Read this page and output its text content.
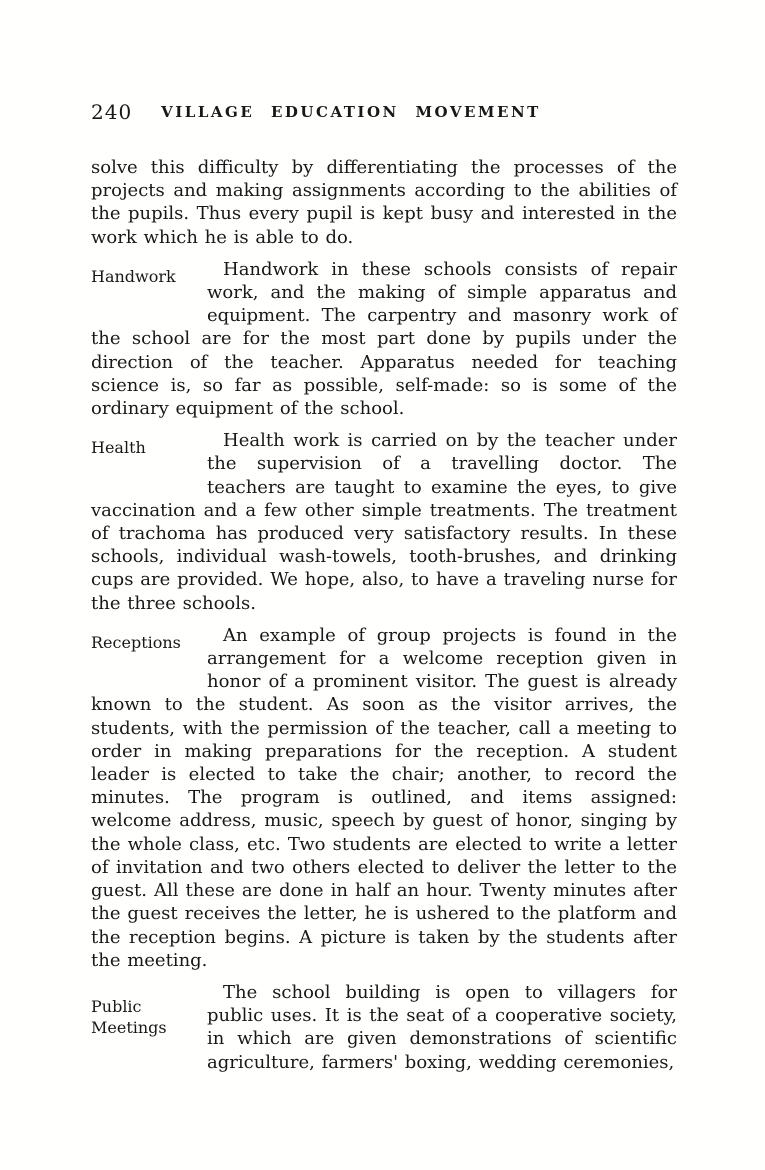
240	VILLAGE EDUCATION MOVEMENT

solve this difficulty by differentiating the processes of the projects and making assignments according to the abilities of the pupils. Thus every pupil is kept busy and interested in the work which he is able to do.

Handwork	Handwork in these schools consists of repair work, and the making of simple apparatus and equipment. The carpentry and masonry work of the school are for the most part done by pupils under the direction of the teacher. Apparatus needed for teaching science is, so far as possible, self-made: so is some of the ordinary equipment of the school.

Health	Health work is carried on by the teacher under the supervision of a travelling doctor. The teachers are taught to examine the eyes, to give vaccination and a few other simple treatments. The treatment of trachoma has produced very satisfactory results. In these schools, individual wash-towels, tooth-brushes, and drinking cups are provided. We hope, also, to have a traveling nurse for the three schools.

Receptions	An example of group projects is found in the arrangement for a welcome reception given in honor of a prominent visitor. The guest is already known to the student. As soon as the visitor arrives, the students, with the permission of the teacher, call a meeting to order in making preparations for the reception. A student leader is elected to take the chair; another, to record the minutes. The program is outlined, and items assigned: welcome address, music, speech by guest of honor, singing by the whole class, etc. Two students are elected to write a letter of invitation and two others elected to deliver the letter to the guest. All these are done in half an hour. Twenty minutes after the guest receives the letter, he is ushered to the platform and the reception begins. A picture is taken by the students after the meeting.

Public Meetings

The school building is open to villagers for public uses. It is the seat of a cooperative society, in which are given demonstrations of scientific agriculture, farmers' boxing, wedding ceremonies,
